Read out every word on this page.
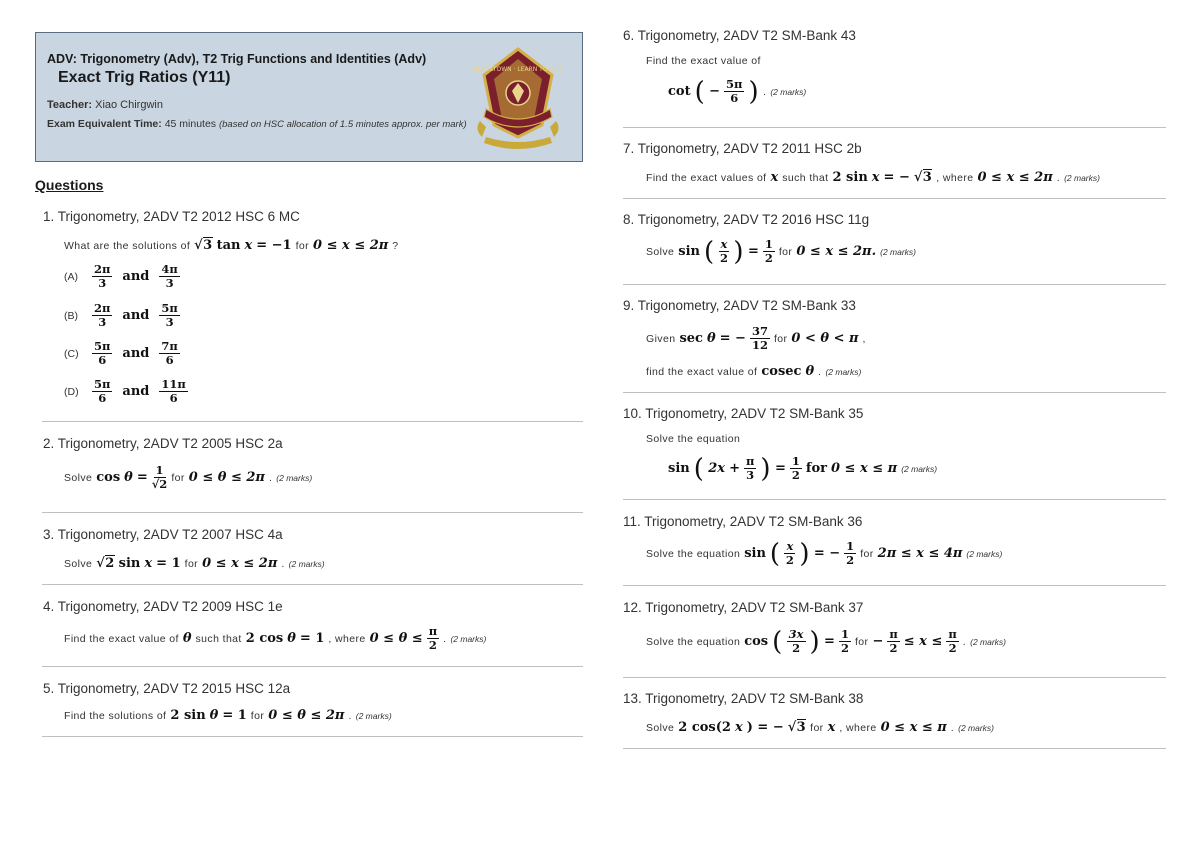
ADV: Trigonometry (Adv), T2 Trig Functions and Identities (Adv)
Exact Trig Ratios (Y11)
Teacher: Xiao Chirgwin
Exam Equivalent Time: 45 minutes (based on HSC allocation of 1.5 minutes approx. per mark)
BLACKTOWN · LEARN TO LIVE
Questions
1. Trigonometry, 2ADV T2 2012 HSC 6 MC
What are the solutions of √3 tan x = −1 for 0 ≤ x ≤ 2π ?
(A)	$\frac{2\pi}{3}$ and $\frac{4\pi}{3}$
(B)	$\frac{2\pi}{3}$ and $\frac{5\pi}{3}$
$(C) \frac{5\pi}{6}$ and $\frac{7\pi}{6}$
$(D) \frac{5\pi}{6}$ and $\frac{11\pi}{6}$
2. Trigonometry, 2ADV T2 2005 HSC 2a
Solve $\cos \theta = \frac{1}{√2}$ for 0 ≤ θ ≤ 2π . (2 marks)
3. Trigonometry, 2ADV T2 2007 HSC 4a
Solve √2 sin x = 1 for 0 ≤ x ≤ 2π . (2 marks)
4. Trigonometry, 2ADV T2 2009 HSC 1e
Find the exact value of θ such that 2 cos θ = 1 , where $0 \le \theta \le \frac{\pi}{2}$ . (2 marks)
5. Trigonometry, 2ADV T2 2015 HSC 12a
Find the solutions of 2 sin θ = 1 for 0 ≤ θ ≤ 2π . (2 marks)
6. Trigonometry, 2ADV T2 SM-Bank 43
Find the exact value of
cot ( − $\frac{5\pi}{6}$ ) . (2 marks)
7. Trigonometry, 2ADV T2 2011 HSC 2b
Find the exact values of x such that 2 sin x = − √3 , where 0 ≤ x ≤ 2π . (2 marks)
8. Trigonometry, 2ADV T2 2016 HSC 11g
Solve sin ( $\frac{x}{2}$ ) = $\frac{1}{2}$ for 0 ≤ x ≤ 2π. (2 marks)
9. Trigonometry, 2ADV T2 SM-Bank 33
Given sec θ = − $\frac{37}{12}$ for 0 < θ < π ,
find the exact value of cosec θ . (2 marks)
10. Trigonometry, 2ADV T2 SM-Bank 35
Solve the equation
sin ( $2x + \frac{\pi}{3}$ ) = $\frac{1}{2}$ for 0 ≤ x ≤ π (2 marks)
11. Trigonometry, 2ADV T2 SM-Bank 36
Solve the equation sin ( $\frac{x}{2}$ ) = − $\frac{1}{2}$ for 2π ≤ x ≤ 4π (2 marks)
12. Trigonometry, 2ADV T2 SM-Bank 37
Solve the equation cos ( $\frac{3x}{2}$ ) = $\frac{1}{2}$ for − $\frac{\pi}{2} \le x \le \frac{\pi}{2}$ . (2 marks)
13. Trigonometry, 2ADV T2 SM-Bank 38
Solve 2 cos(2 x ) = − √3 for x , where 0 ≤ x ≤ π . (2 marks)
